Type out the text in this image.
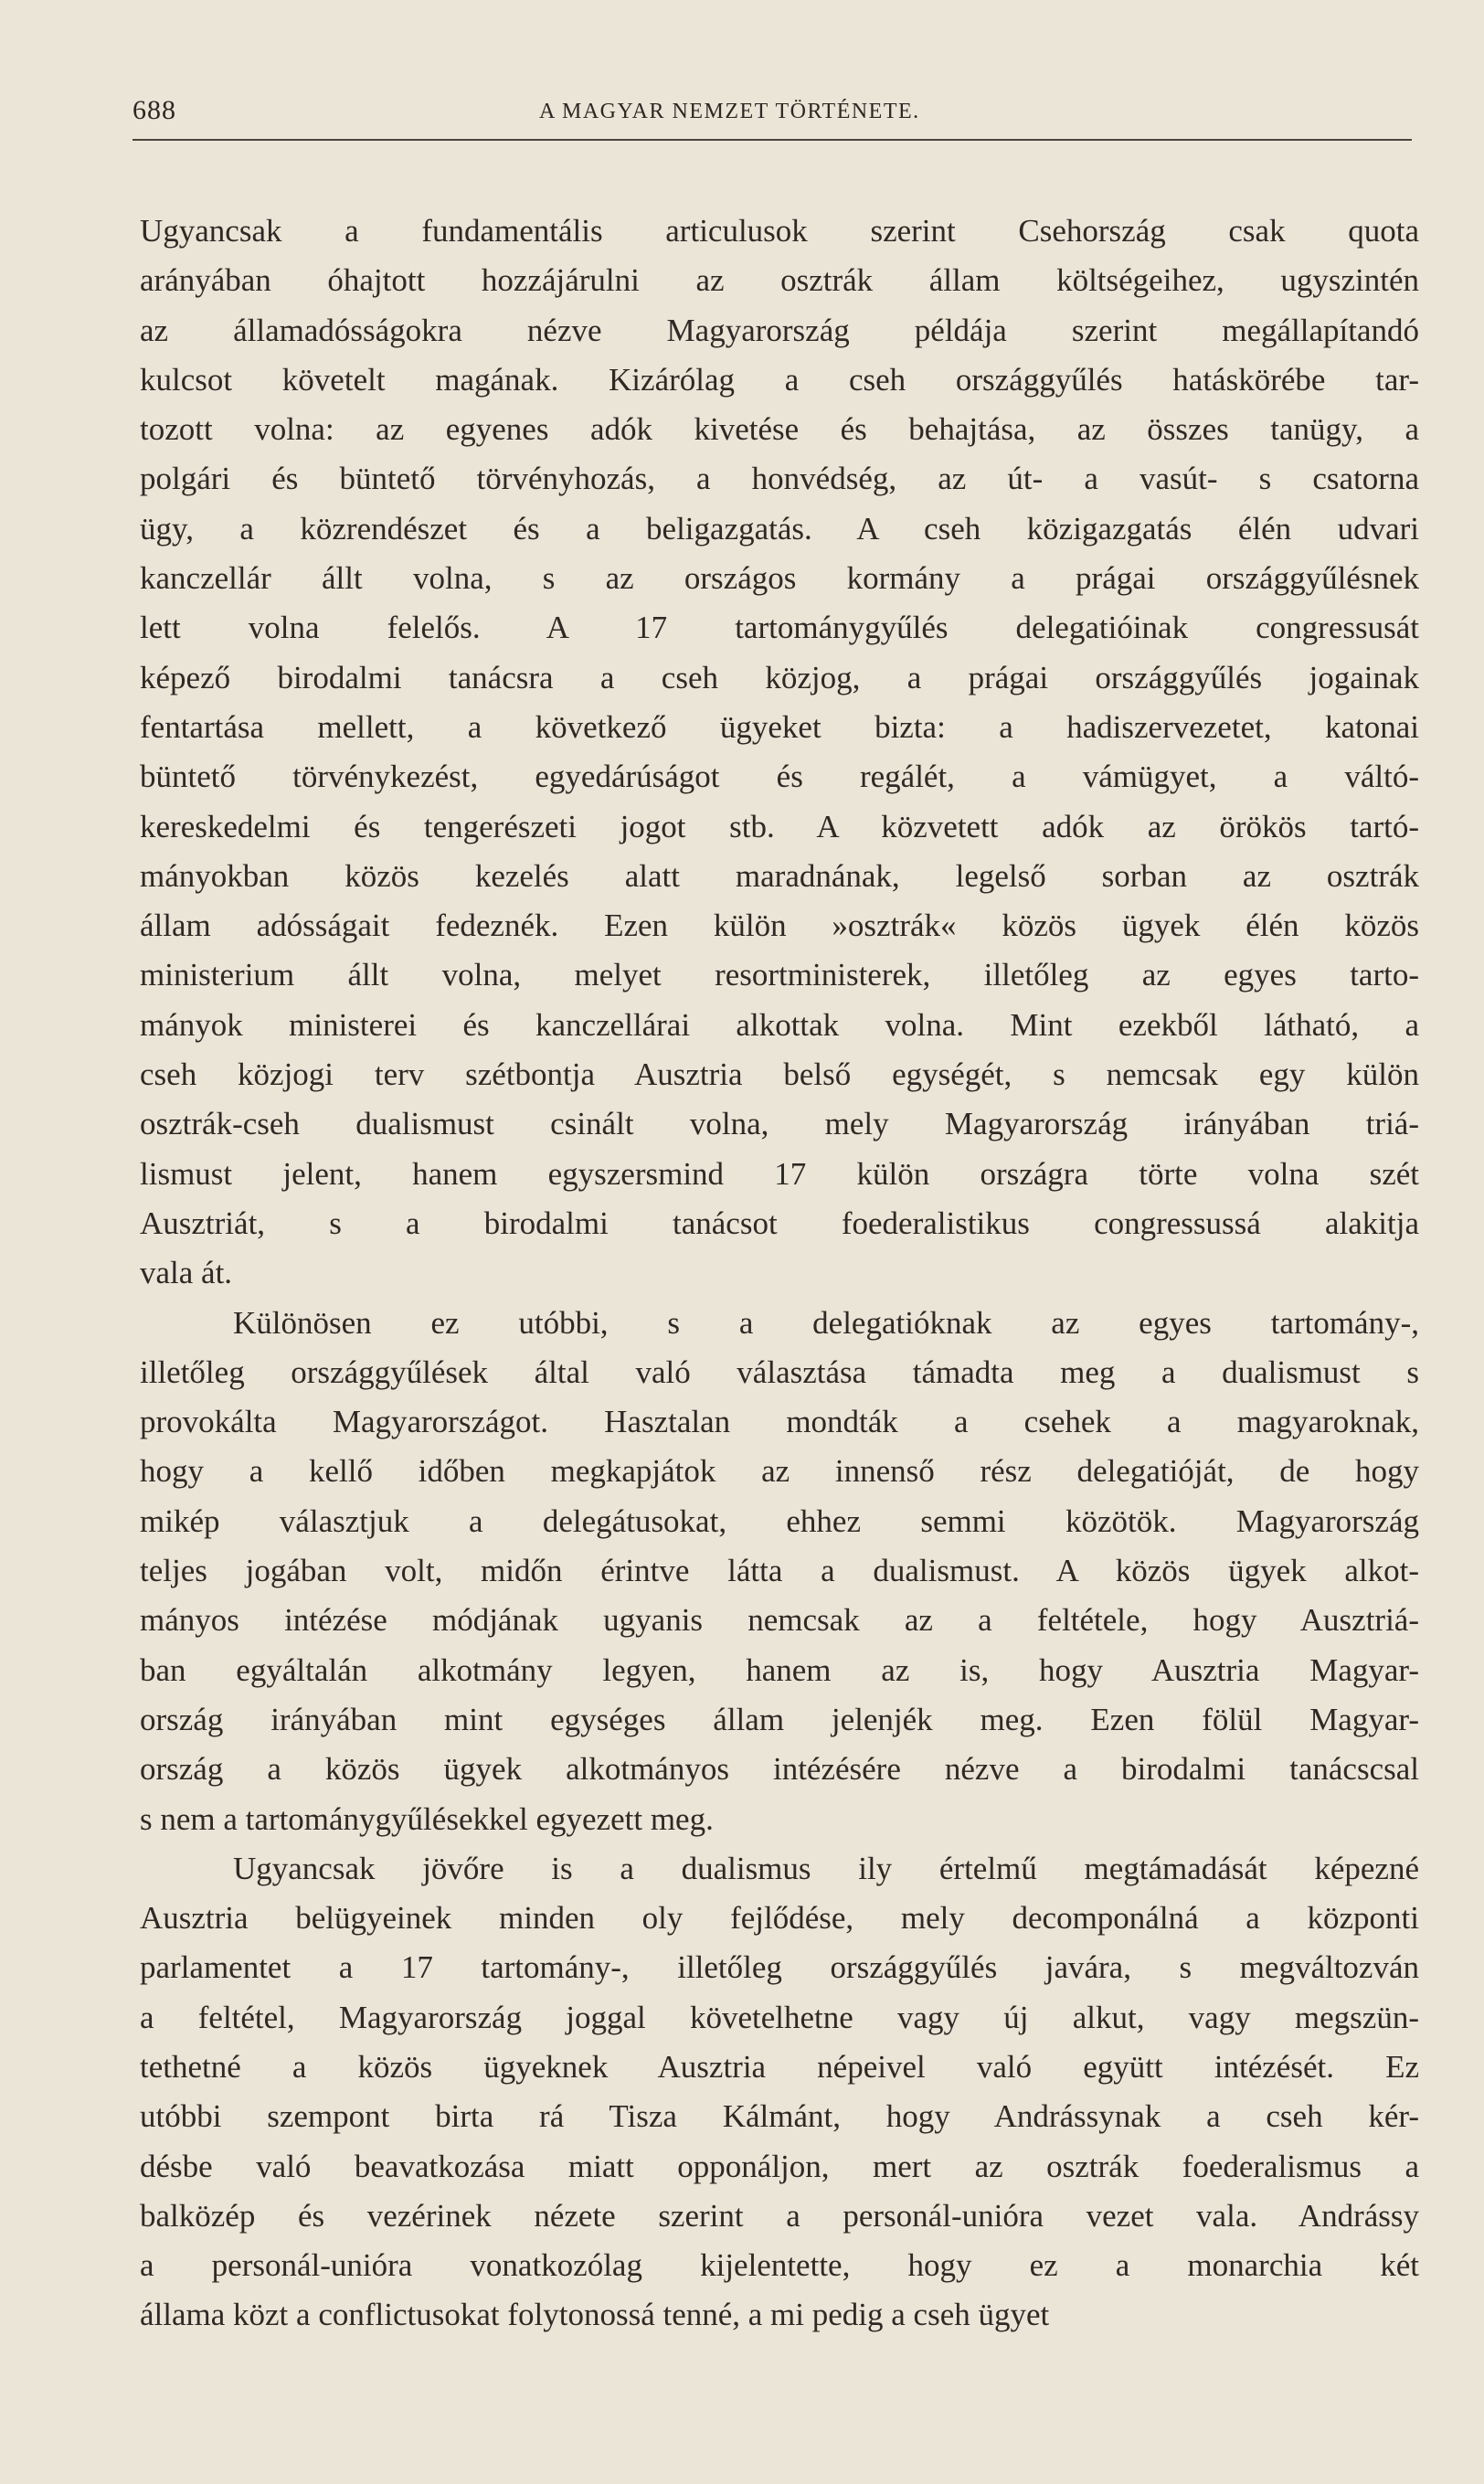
688	A MAGYAR NEMZET TÖRTÉNETE.
Ugyancsak a fundamentális articulusok szerint Csehország csak quota
arányában óhajtott hozzájárulni az osztrák állam költségeihez, ugyszintén
az államadósságokra nézve Magyarország példája szerint megállapítandó
kulcsot követelt magának. Kizárólag a cseh országgyűlés hatáskörébe tar-
tozott volna: az egyenes adók kivetése és behajtása, az összes tanügy, a
polgári és büntető törvényhozás, a honvédség, az út- a vasút- s csatorna
ügy, a közrendészet és a beligazgatás. A cseh közigazgatás élén udvari
kanczellár állt volna, s az országos kormány a prágai országgyűlésnek
lett volna felelős. A 17 tartománygyűlés delegatióinak congressusát
képező birodalmi tanácsra a cseh közjog, a prágai országgyűlés jogainak
fentartása mellett, a következő ügyeket bizta: a hadiszervezetet, katonai
büntető törvénykezést, egyedárúságot és regálét, a vámügyet, a váltó-
kereskedelmi és tengerészeti jogot stb. A közvetett adók az örökös tartó-
mányokban közös kezelés alatt maradnának, legelső sorban az osztrák
állam adósságait fedeznék. Ezen külön »osztrák« közös ügyek élén közös
ministerium állt volna, melyet resortministerek, illetőleg az egyes tarto-
mányok ministerei és kanczellárai alkottak volna. Mint ezekből látható, a
cseh közjogi terv szétbontja Ausztria belső egységét, s nemcsak egy külön
osztrák-cseh dualismust csinált volna, mely Magyarország irányában triá-
lismust jelent, hanem egyszersmind 17 külön országra törte volna szét
Ausztriát, s a birodalmi tanácsot foederalistikus congressussá alakitja
vala át.
Különösen ez utóbbi, s a delegatióknak az egyes tartomány-,
illetőleg országgyűlések által való választása támadta meg a dualismust s
provokálta Magyarországot. Hasztalan mondták a csehek a magyaroknak,
hogy a kellő időben megkapjátok az innenső rész delegatióját, de hogy
mikép választjuk a delegátusokat, ehhez semmi közötök. Magyarország
teljes jogában volt, midőn érintve látta a dualismust. A közös ügyek alkot-
mányos intézése módjának ugyanis nemcsak az a feltétele, hogy Ausztriá-
ban egyáltalán alkotmány legyen, hanem az is, hogy Ausztria Magyar-
ország irányában mint egységes állam jelenjék meg. Ezen fölül Magyar-
ország a közös ügyek alkotmányos intézésére nézve a birodalmi tanácscsal
s nem a tartománygyűlésekkel egyezett meg.
Ugyancsak jövőre is a dualismus ily értelmű megtámadását képezné
Ausztria belügyeinek minden oly fejlődése, mely decomponálná a központi
parlamentet a 17 tartomány-, illetőleg országgyűlés javára, s megváltozván
a feltétel, Magyarország joggal követelhetne vagy új alkut, vagy megszün-
tethetné a közös ügyeknek Ausztria népeivel való együtt intézését. Ez
utóbbi szempont birta rá Tisza Kálmánt, hogy Andrássynak a cseh kér-
désbe való beavatkozása miatt opponáljon, mert az osztrák foederalismus a
balközép és vezérinek nézete szerint a personál-unióra vezet vala. Andrássy
a personál-unióra vonatkozólag kijelentette, hogy ez a monarchia két
állama közt a conflictusokat folytonossá tenné, a mi pedig a cseh ügyet
